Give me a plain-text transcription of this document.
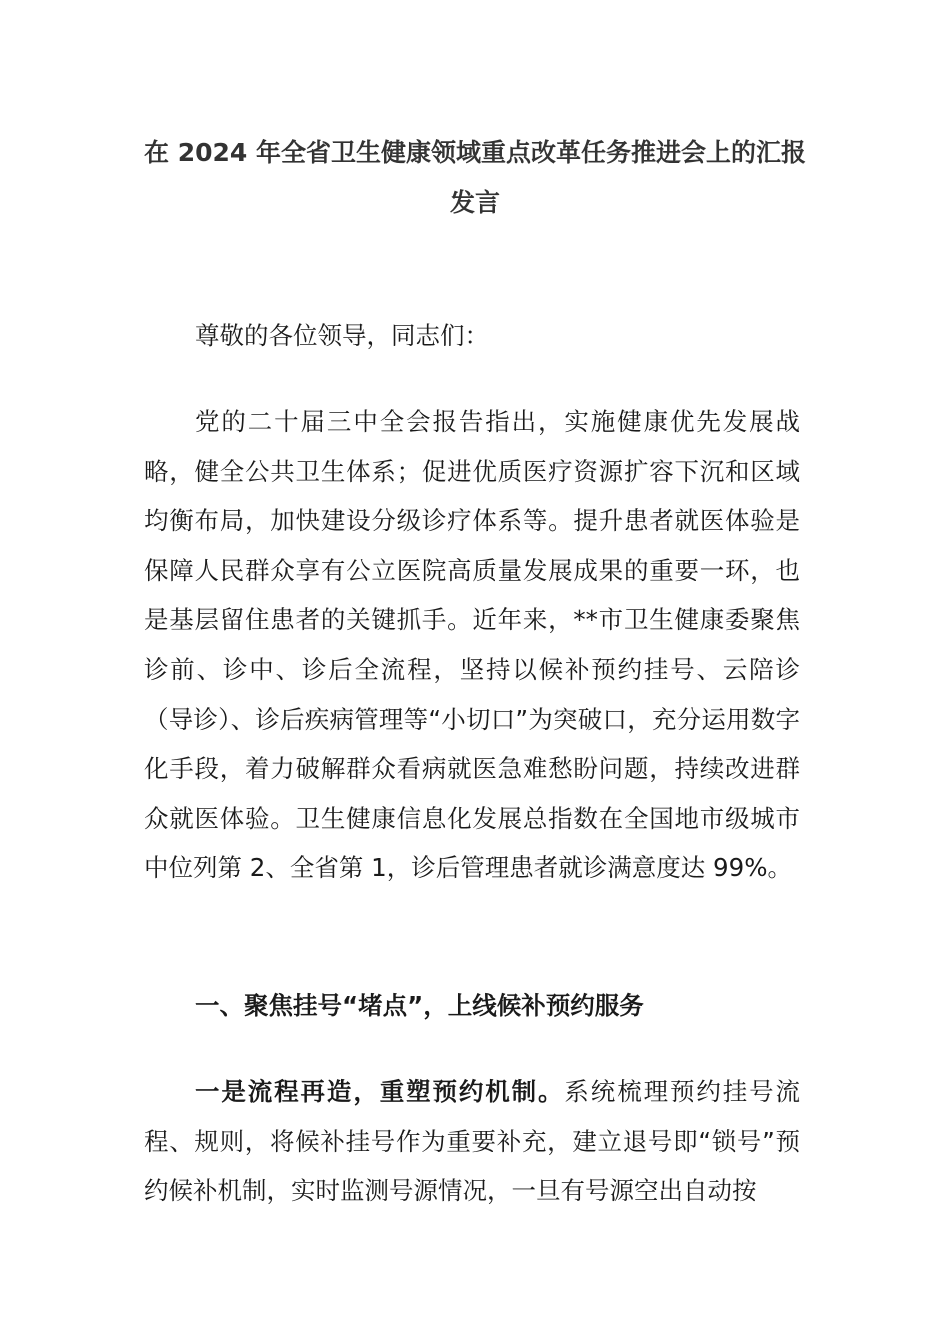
在 2024 年全省卫生健康领域重点改革任务推进会上的汇报发言

尊敬的各位领导，同志们：

党的二十届三中全会报告指出，实施健康优先发展战略，健全公共卫生体系；促进优质医疗资源扩容下沉和区域均衡布局，加快建设分级诊疗体系等。提升患者就医体验是保障人民群众享有公立医院高质量发展成果的重要一环，也是基层留住患者的关键抓手。近年来，**市卫生健康委聚焦诊前、诊中、诊后全流程，坚持以候补预约挂号、云陪诊（导诊）、诊后疾病管理等“小切口”为突破口，充分运用数字化手段，着力破解群众看病就医急难愁盼问题，持续改进群众就医体验。卫生健康信息化发展总指数在全国地市级城市中位列第 2、全省第 1，诊后管理患者就诊满意度达 99%。

一、聚焦挂号“堵点”，上线候补预约服务

一是流程再造，重塑预约机制。系统梳理预约挂号流程、规则，将候补挂号作为重要补充，建立退号即“锁号”预约候补机制，实时监测号源情况，一旦有号源空出自动按
